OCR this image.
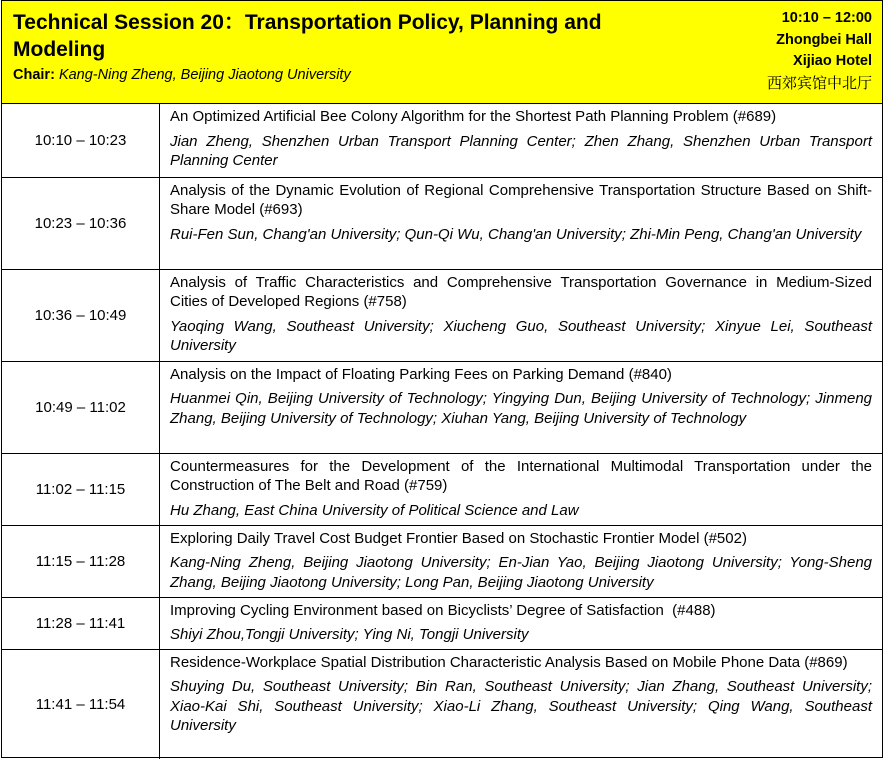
Technical Session 20：Transportation Policy, Planning and Modeling
Chair: Kang-Ning Zheng, Beijing Jiaotong University
10:10 – 12:00
Zhongbei Hall
Xijiao Hotel
西郊宾馆中北厅
10:10 – 10:23	An Optimized Artificial Bee Colony Algorithm for the Shortest Path Planning Problem (#689)

Jian Zheng, Shenzhen Urban Transport Planning Center; Zhen Zhang, Shenzhen Urban Transport Planning Center

10:23 – 10:36	Analysis of the Dynamic Evolution of Regional Comprehensive Transportation Structure Based on Shift-Share Model (#693)

Rui-Fen Sun, Chang'an University; Qun-Qi Wu, Chang'an University; Zhi-Min Peng, Chang'an University

10:36 – 10:49	Analysis of Traffic Characteristics and Comprehensive Transportation Governance in Medium-Sized Cities of Developed Regions (#758)

Yaoqing Wang, Southeast University; Xiucheng Guo, Southeast University; Xinyue Lei, Southeast University

10:49 – 11:02	Analysis on the Impact of Floating Parking Fees on Parking Demand (#840)

Huanmei Qin, Beijing University of Technology; Yingying Dun, Beijing University of Technology; Jinmeng Zhang, Beijing University of Technology; Xiuhan Yang, Beijing University of Technology

11:02 – 11:15	Countermeasures for the Development of the International Multimodal Transportation under the Construction of The Belt and Road (#759)

Hu Zhang, East China University of Political Science and Law

11:15 – 11:28	Exploring Daily Travel Cost Budget Frontier Based on Stochastic Frontier Model (#502)

Kang-Ning Zheng, Beijing Jiaotong University; En-Jian Yao, Beijing Jiaotong University; Yong-Sheng Zhang, Beijing Jiaotong University; Long Pan, Beijing Jiaotong University

11:28 – 11:41	Improving Cycling Environment based on Bicyclists’ Degree of Satisfaction  (#488)

Shiyi Zhou,Tongji University; Ying Ni, Tongji University

11:41 – 11:54	Residence-Workplace Spatial Distribution Characteristic Analysis Based on Mobile Phone Data (#869)

Shuying Du, Southeast University; Bin Ran, Southeast University; Jian Zhang, Southeast University; Xiao-Kai Shi, Southeast University; Xiao-Li Zhang, Southeast University; Qing Wang, Southeast University
